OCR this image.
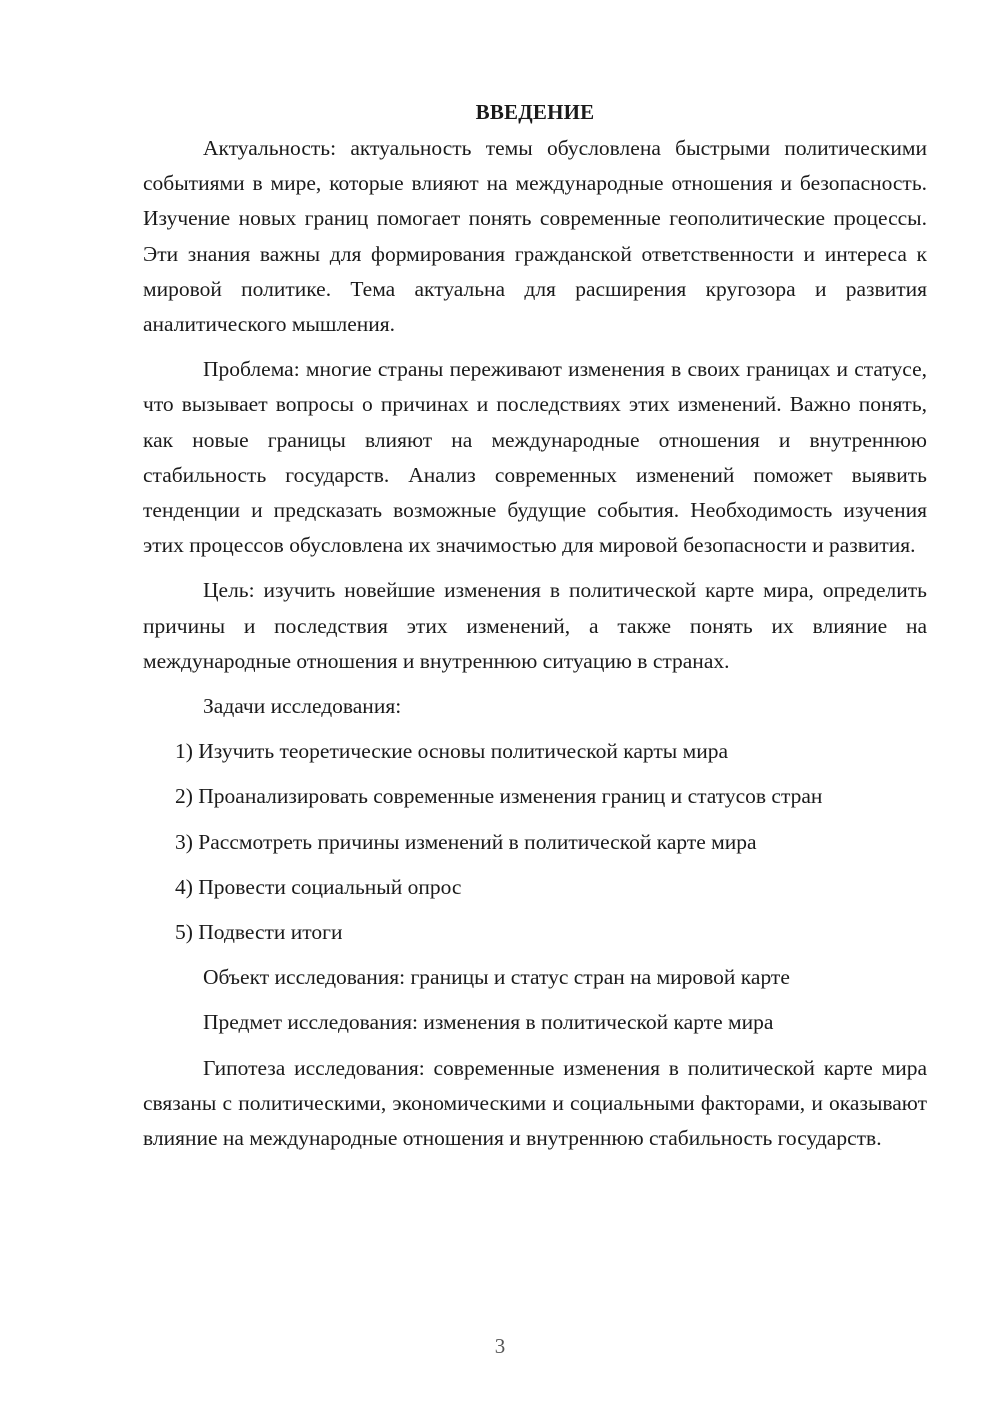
ВВЕДЕНИЕ

Актуальность: актуальность темы обусловлена быстрыми политическими событиями в мире, которые влияют на международные отношения и безопасность. Изучение новых границ помогает понять современные геополитические процессы. Эти знания важны для формирования гражданской ответственности и интереса к мировой политике. Тема актуальна для расширения кругозора и развития аналитического мышления.

Проблема: многие страны переживают изменения в своих границах и статусе, что вызывает вопросы о причинах и последствиях этих изменений. Важно понять, как новые границы влияют на международные отношения и внутреннюю стабильность государств. Анализ современных изменений поможет выявить тенденции и предсказать возможные будущие события. Необходимость изучения этих процессов обусловлена их значимостью для мировой безопасности и развития.

Цель: изучить новейшие изменения в политической карте мира, определить причины и последствия этих изменений, а также понять их влияние на международные отношения и внутреннюю ситуацию в странах.

Задачи исследования:

1) Изучить теоретические основы политической карты мира

2) Проанализировать современные изменения границ и статусов стран

3) Рассмотреть причины изменений в политической карте мира

4) Провести социальный опрос

5) Подвести итоги

Объект исследования: границы и статус стран на мировой карте

Предмет исследования: изменения в политической карте мира

Гипотеза исследования: современные изменения в политической карте мира связаны с политическими, экономическими и социальными факторами, и оказывают влияние на международные отношения и внутреннюю стабильность государств.

3
